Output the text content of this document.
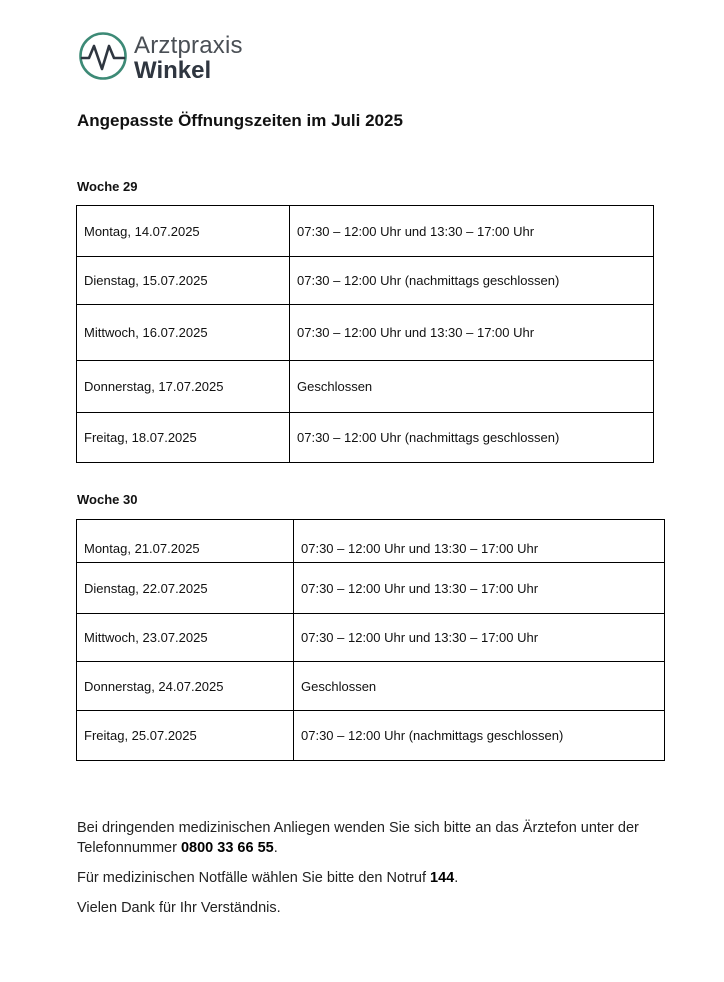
Arztpraxis
Winkel
Angepasste Öffnungszeiten im Juli 2025
Woche 29
Montag, 14.07.2025	07:30 – 12:00 Uhr und 13:30 – 17:00 Uhr
Dienstag, 15.07.2025	07:30 – 12:00 Uhr (nachmittags geschlossen)
Mittwoch, 16.07.2025	07:30 – 12:00 Uhr und 13:30 – 17:00 Uhr
Donnerstag, 17.07.2025	Geschlossen
Freitag, 18.07.2025	07:30 – 12:00 Uhr (nachmittags geschlossen)
Woche 30
Montag, 21.07.2025	07:30 – 12:00 Uhr und 13:30 – 17:00 Uhr
Dienstag, 22.07.2025	07:30 – 12:00 Uhr und 13:30 – 17:00 Uhr
Mittwoch, 23.07.2025	07:30 – 12:00 Uhr und 13:30 – 17:00 Uhr
Donnerstag, 24.07.2025	Geschlossen
Freitag, 25.07.2025	07:30 – 12:00 Uhr (nachmittags geschlossen)

Bei dringenden medizinischen Anliegen wenden Sie sich bitte an das Ärztefon unter der Telefonnummer 0800 33 66 55.

Für medizinischen Notfälle wählen Sie bitte den Notruf 144.

Vielen Dank für Ihr Verständnis.
